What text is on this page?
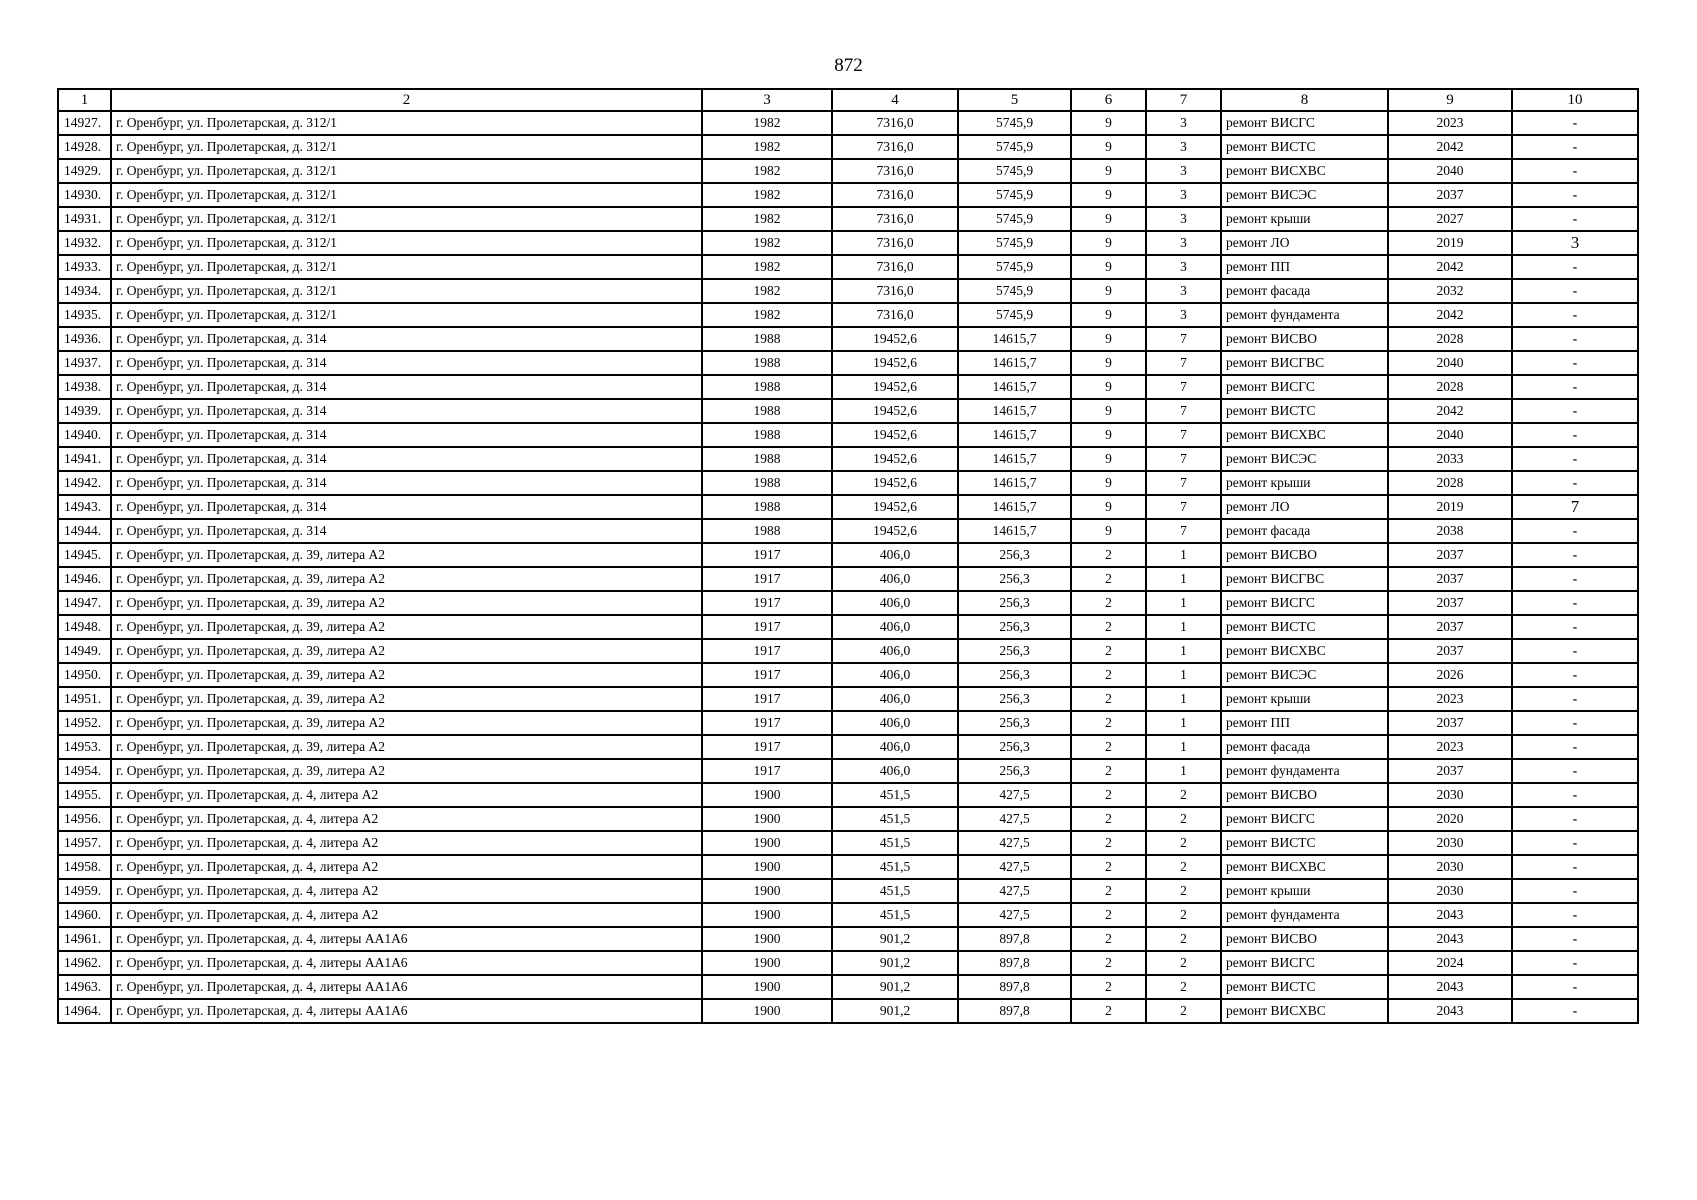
872
1	2	3	4	5	6	7	8	9	10
14927.	г. Оренбург, ул. Пролетарская, д. 312/1	1982	7316,0	5745,9	9	3	ремонт ВИСГС	2023	-
14928.	г. Оренбург, ул. Пролетарская, д. 312/1	1982	7316,0	5745,9	9	3	ремонт ВИСТС	2042	-
14929.	г. Оренбург, ул. Пролетарская, д. 312/1	1982	7316,0	5745,9	9	3	ремонт ВИСХВС	2040	-
14930.	г. Оренбург, ул. Пролетарская, д. 312/1	1982	7316,0	5745,9	9	3	ремонт ВИСЭС	2037	-
14931.	г. Оренбург, ул. Пролетарская, д. 312/1	1982	7316,0	5745,9	9	3	ремонт крыши	2027	-
14932.	г. Оренбург, ул. Пролетарская, д. 312/1	1982	7316,0	5745,9	9	3	ремонт ЛО	2019	3
14933.	г. Оренбург, ул. Пролетарская, д. 312/1	1982	7316,0	5745,9	9	3	ремонт ПП	2042	-
14934.	г. Оренбург, ул. Пролетарская, д. 312/1	1982	7316,0	5745,9	9	3	ремонт фасада	2032	-
14935.	г. Оренбург, ул. Пролетарская, д. 312/1	1982	7316,0	5745,9	9	3	ремонт фундамента	2042	-
14936.	г. Оренбург, ул. Пролетарская, д. 314	1988	19452,6	14615,7	9	7	ремонт ВИСВО	2028	-
14937.	г. Оренбург, ул. Пролетарская, д. 314	1988	19452,6	14615,7	9	7	ремонт ВИСГВС	2040	-
14938.	г. Оренбург, ул. Пролетарская, д. 314	1988	19452,6	14615,7	9	7	ремонт ВИСГС	2028	-
14939.	г. Оренбург, ул. Пролетарская, д. 314	1988	19452,6	14615,7	9	7	ремонт ВИСТС	2042	-
14940.	г. Оренбург, ул. Пролетарская, д. 314	1988	19452,6	14615,7	9	7	ремонт ВИСХВС	2040	-
14941.	г. Оренбург, ул. Пролетарская, д. 314	1988	19452,6	14615,7	9	7	ремонт ВИСЭС	2033	-
14942.	г. Оренбург, ул. Пролетарская, д. 314	1988	19452,6	14615,7	9	7	ремонт крыши	2028	-
14943.	г. Оренбург, ул. Пролетарская, д. 314	1988	19452,6	14615,7	9	7	ремонт ЛО	2019	7
14944.	г. Оренбург, ул. Пролетарская, д. 314	1988	19452,6	14615,7	9	7	ремонт фасада	2038	-
14945.	г. Оренбург, ул. Пролетарская, д. 39, литера А2	1917	406,0	256,3	2	1	ремонт ВИСВО	2037	-
14946.	г. Оренбург, ул. Пролетарская, д. 39, литера А2	1917	406,0	256,3	2	1	ремонт ВИСГВС	2037	-
14947.	г. Оренбург, ул. Пролетарская, д. 39, литера А2	1917	406,0	256,3	2	1	ремонт ВИСГС	2037	-
14948.	г. Оренбург, ул. Пролетарская, д. 39, литера А2	1917	406,0	256,3	2	1	ремонт ВИСТС	2037	-
14949.	г. Оренбург, ул. Пролетарская, д. 39, литера А2	1917	406,0	256,3	2	1	ремонт ВИСХВС	2037	-
14950.	г. Оренбург, ул. Пролетарская, д. 39, литера А2	1917	406,0	256,3	2	1	ремонт ВИСЭС	2026	-
14951.	г. Оренбург, ул. Пролетарская, д. 39, литера А2	1917	406,0	256,3	2	1	ремонт крыши	2023	-
14952.	г. Оренбург, ул. Пролетарская, д. 39, литера А2	1917	406,0	256,3	2	1	ремонт ПП	2037	-
14953.	г. Оренбург, ул. Пролетарская, д. 39, литера А2	1917	406,0	256,3	2	1	ремонт фасада	2023	-
14954.	г. Оренбург, ул. Пролетарская, д. 39, литера А2	1917	406,0	256,3	2	1	ремонт фундамента	2037	-
14955.	г. Оренбург, ул. Пролетарская, д. 4, литера А2	1900	451,5	427,5	2	2	ремонт ВИСВО	2030	-
14956.	г. Оренбург, ул. Пролетарская, д. 4, литера А2	1900	451,5	427,5	2	2	ремонт ВИСГС	2020	-
14957.	г. Оренбург, ул. Пролетарская, д. 4, литера А2	1900	451,5	427,5	2	2	ремонт ВИСТС	2030	-
14958.	г. Оренбург, ул. Пролетарская, д. 4, литера А2	1900	451,5	427,5	2	2	ремонт ВИСХВС	2030	-
14959.	г. Оренбург, ул. Пролетарская, д. 4, литера А2	1900	451,5	427,5	2	2	ремонт крыши	2030	-
14960.	г. Оренбург, ул. Пролетарская, д. 4, литера А2	1900	451,5	427,5	2	2	ремонт фундамента	2043	-
14961.	г. Оренбург, ул. Пролетарская, д. 4, литеры АА1А6	1900	901,2	897,8	2	2	ремонт ВИСВО	2043	-
14962.	г. Оренбург, ул. Пролетарская, д. 4, литеры АА1А6	1900	901,2	897,8	2	2	ремонт ВИСГС	2024	-
14963.	г. Оренбург, ул. Пролетарская, д. 4, литеры АА1А6	1900	901,2	897,8	2	2	ремонт ВИСТС	2043	-
14964.	г. Оренбург, ул. Пролетарская, д. 4, литеры АА1А6	1900	901,2	897,8	2	2	ремонт ВИСХВС	2043	-
